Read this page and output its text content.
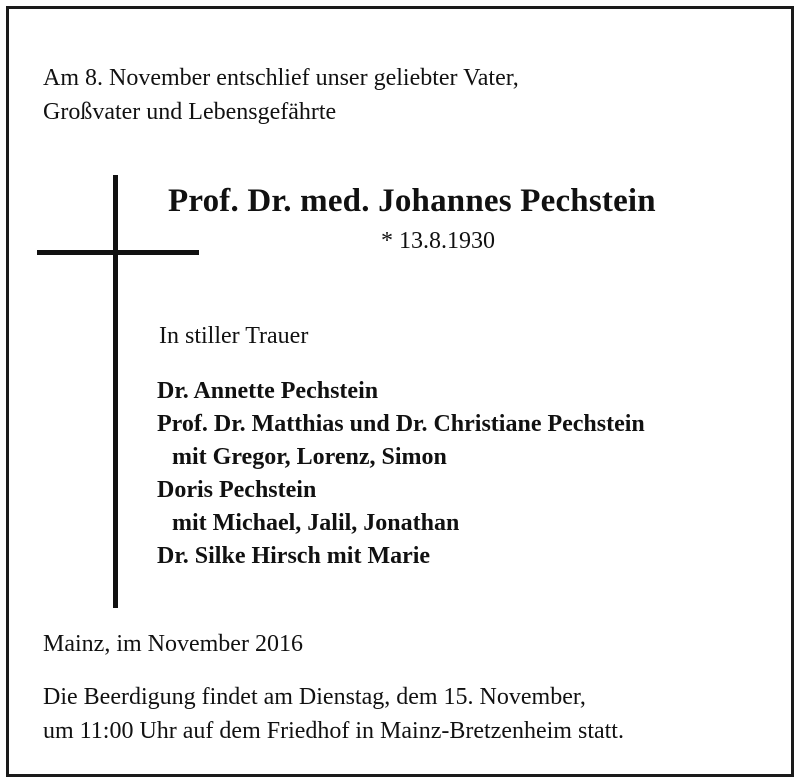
Am 8. November entschlief unser geliebter Vater,
Großvater und Lebensgefährte

Prof. Dr. med. Johannes Pechstein
* 13.8.1930
In stiller Trauer
Dr. Annette Pechstein
Prof. Dr. Matthias und Dr. Christiane Pechstein
mit Gregor, Lorenz, Simon
Doris Pechstein
mit Michael, Jalil, Jonathan
Dr. Silke Hirsch mit Marie
Mainz, im November 2016

Die Beerdigung findet am Dienstag, dem 15. November,
um 11:00 Uhr auf dem Friedhof in Mainz-Bretzenheim statt.
